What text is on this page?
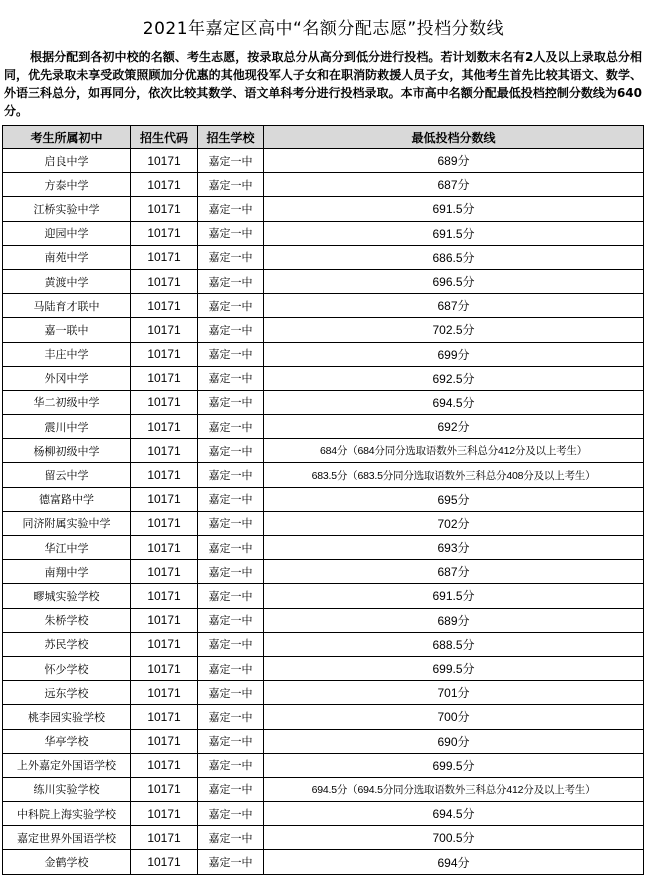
2021年嘉定区高中“名额分配志愿”投档分数线
根据分配到各初中校的名额、考生志愿，按录取总分从高分到低分进行投档。若计划数末名有2人及以上录取总分相同，优先录取未享受政策照顾加分优惠的其他现役军人子女和在职消防救援人员子女，其他考生首先比较其语文、数学、外语三科总分，如再同分，依次比较其数学、语文单科考分进行投档录取。本市高中名额分配最低投档控制分数线为640分。
考生所属初中	招生代码	招生学校	最低投档分数线
启良中学	10171	嘉定一中	689分
方泰中学	10171	嘉定一中	687分
江桥实验中学	10171	嘉定一中	691.5分
迎园中学	10171	嘉定一中	691.5分
南苑中学	10171	嘉定一中	686.5分
黄渡中学	10171	嘉定一中	696.5分
马陆育才联中	10171	嘉定一中	687分
嘉一联中	10171	嘉定一中	702.5分
丰庄中学	10171	嘉定一中	699分
外冈中学	10171	嘉定一中	692.5分
华二初级中学	10171	嘉定一中	694.5分
震川中学	10171	嘉定一中	692分
杨柳初级中学	10171	嘉定一中	684分（684分同分选取语数外三科总分412分及以上考生）
留云中学	10171	嘉定一中	683.5分（683.5分同分选取语数外三科总分408分及以上考生）
德富路中学	10171	嘉定一中	695分
同济附属实验中学	10171	嘉定一中	702分
华江中学	10171	嘉定一中	693分
南翔中学	10171	嘉定一中	687分
疁城实验学校	10171	嘉定一中	691.5分
朱桥学校	10171	嘉定一中	689分
苏民学校	10171	嘉定一中	688.5分
怀少学校	10171	嘉定一中	699.5分
远东学校	10171	嘉定一中	701分
桃李园实验学校	10171	嘉定一中	700分
华亭学校	10171	嘉定一中	690分
上外嘉定外国语学校	10171	嘉定一中	699.5分
练川实验学校	10171	嘉定一中	694.5分（694.5分同分选取语数外三科总分412分及以上考生）
中科院上海实验学校	10171	嘉定一中	694.5分
嘉定世界外国语学校	10171	嘉定一中	700.5分
金鹤学校	10171	嘉定一中	694分
